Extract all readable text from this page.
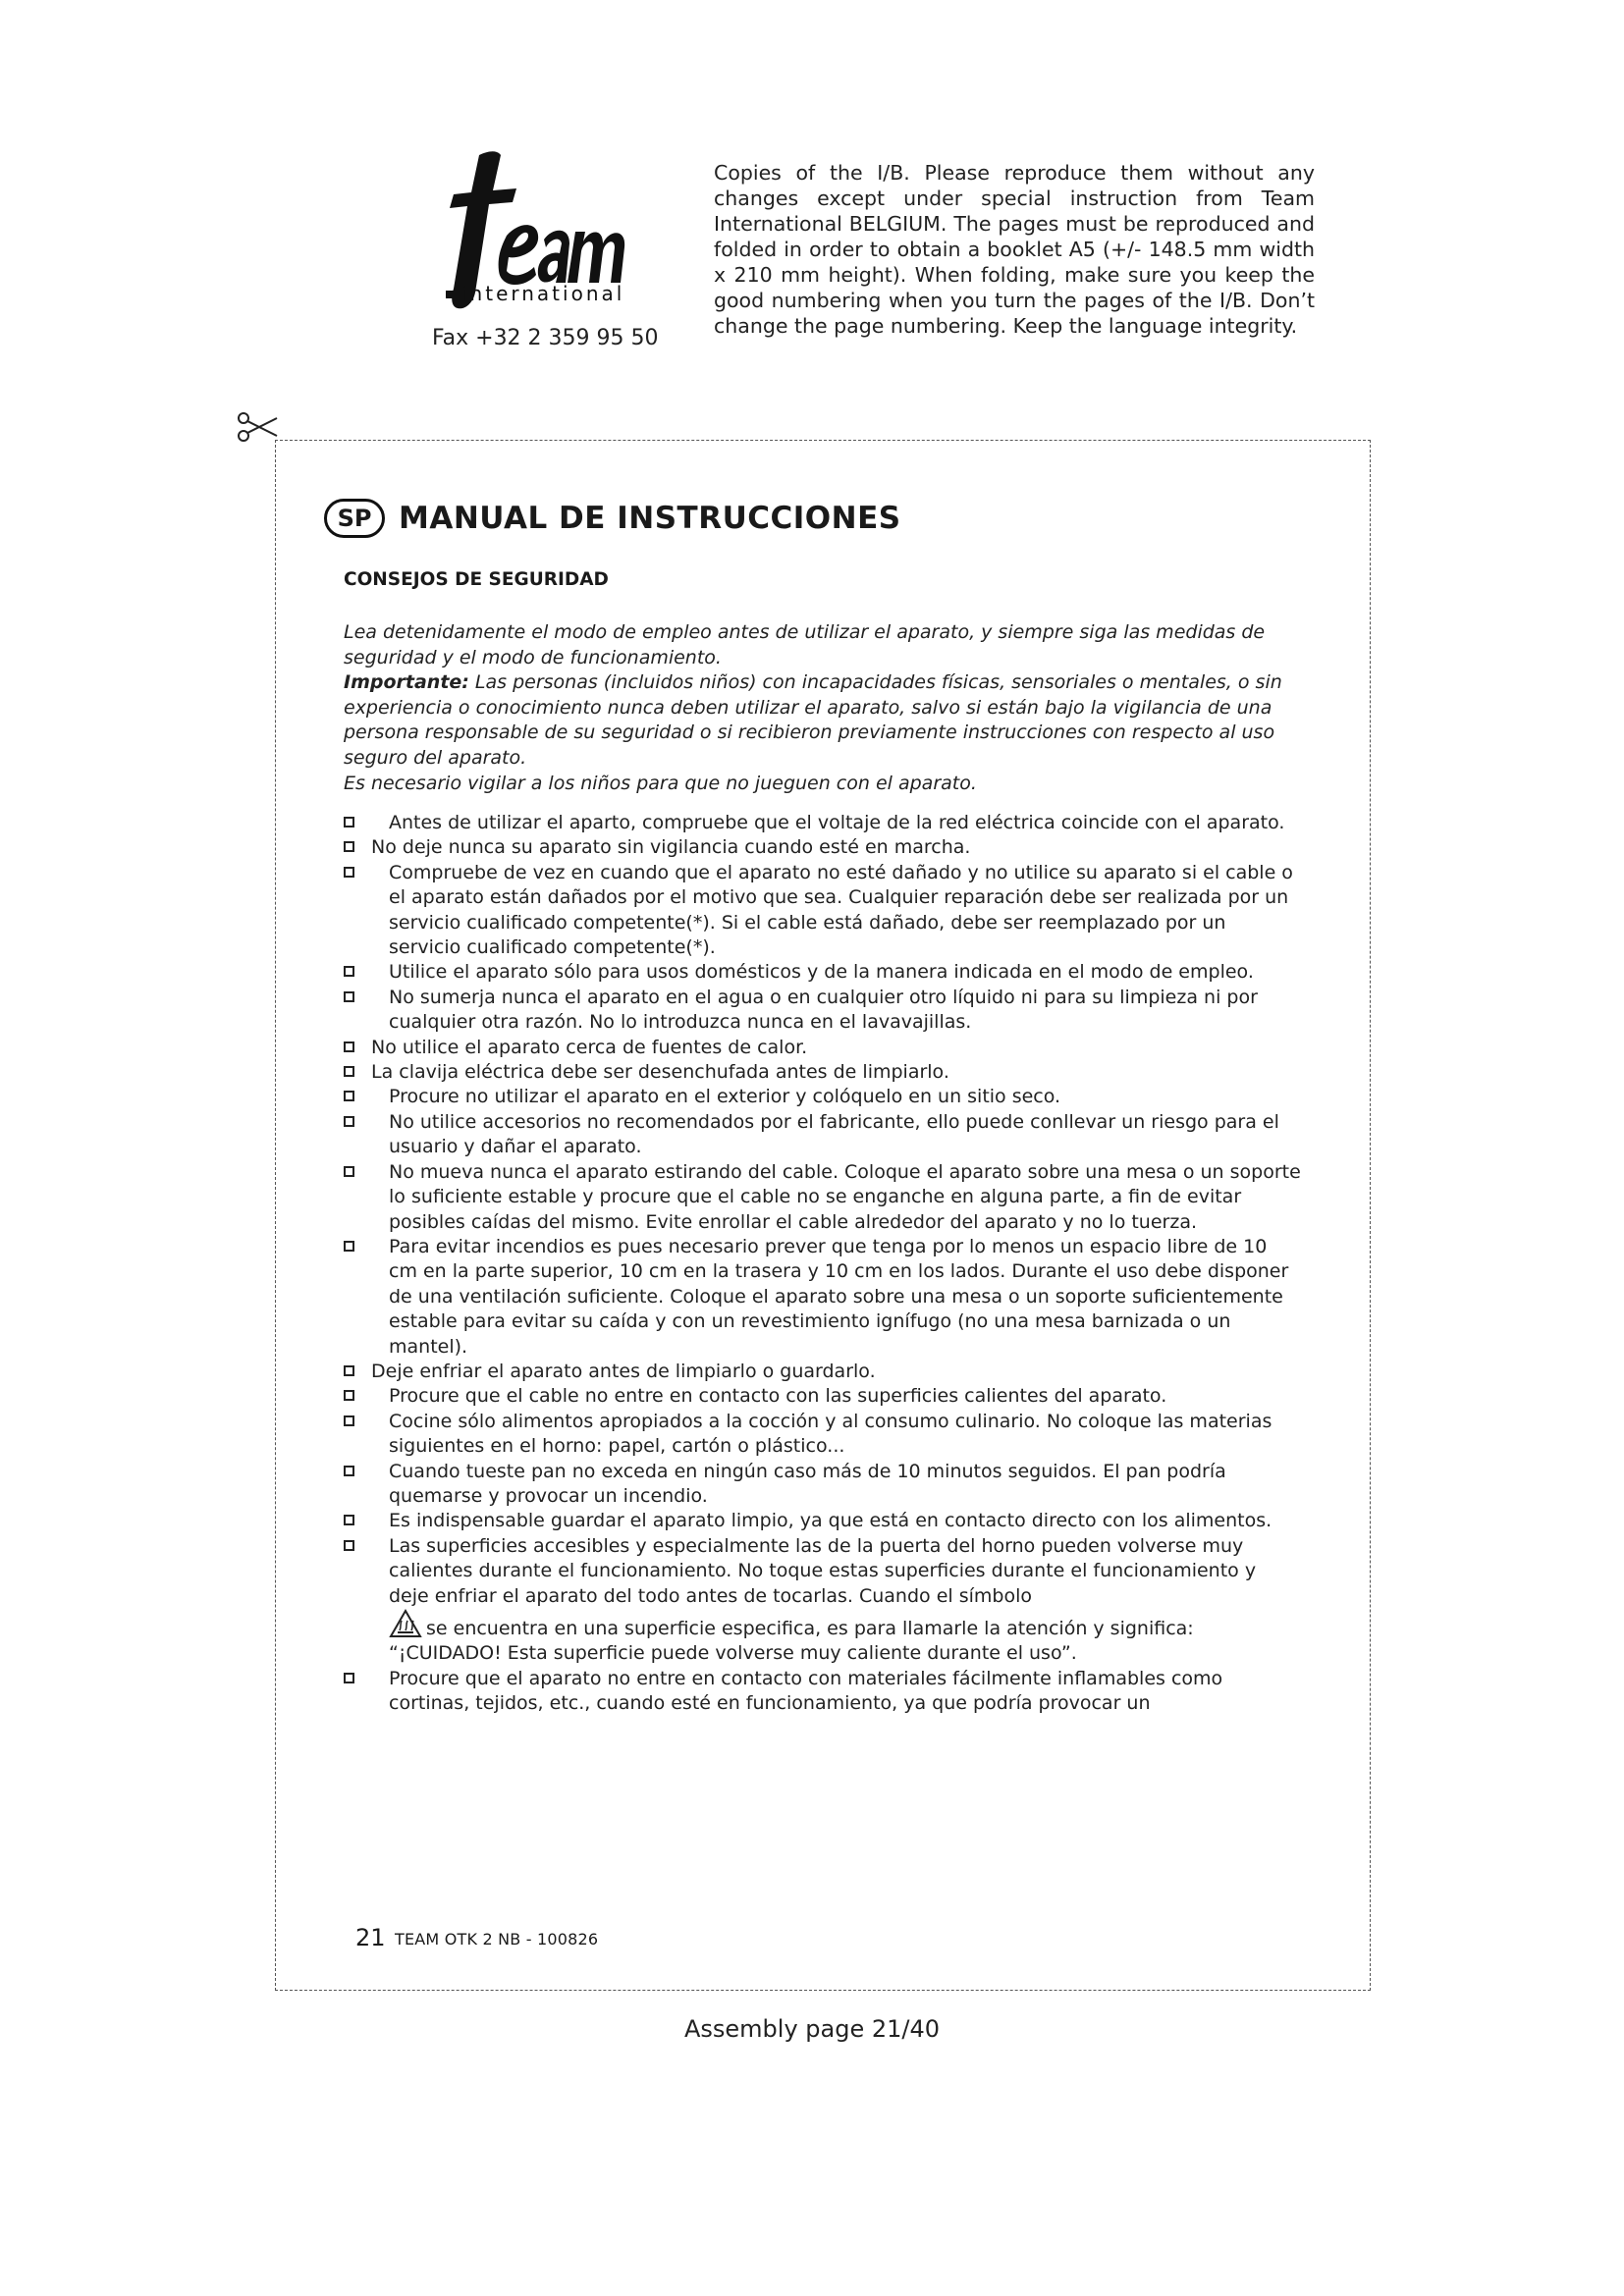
international
Fax +32 2 359 95 50
Copies of the I/B. Please reproduce them without any changes except under special instruction from Team International BELGIUM. The pages must be reproduced and folded in order to obtain a booklet A5 (+/- 148.5 mm width x 210 mm height). When folding, make sure you keep the good numbering when you turn the pages of the I/B. Don’t change the page numbering. Keep the language integrity.
SP MANUAL DE INSTRUCCIONES
CONSEJOS DE SEGURIDAD

Lea detenidamente el modo de empleo antes de utilizar el aparato, y siempre siga las medidas de seguridad y el modo de funcionamiento.

Importante: Las personas (incluidos niños) con incapacidades físicas, sensoriales o mentales, o sin experiencia o conocimiento nunca deben utilizar el aparato, salvo si están bajo la vigilancia de una persona responsable de su seguridad o si recibieron previamente instrucciones con respecto al uso seguro del aparato.

Es necesario vigilar a los niños para que no jueguen con el aparato.

Antes de utilizar el aparto, compruebe que el voltaje de la red eléctrica coincide con el aparato.
No deje nunca su aparato sin vigilancia cuando esté en marcha.
Compruebe de vez en cuando que el aparato no esté dañado y no utilice su aparato si el cable o el aparato están dañados por el motivo que sea. Cualquier reparación debe ser realizada por un servicio cualificado competente(*). Si el cable está dañado, debe ser reemplazado por un servicio cualificado competente(*).
Utilice el aparato sólo para usos domésticos y de la manera indicada en el modo de empleo.
No sumerja nunca el aparato en el agua o en cualquier otro líquido ni para su limpieza ni por cualquier otra razón. No lo introduzca nunca en el lavavajillas.
No utilice el aparato cerca de fuentes de calor.
La clavija eléctrica debe ser desenchufada antes de limpiarlo.
Procure no utilizar el aparato en el exterior y colóquelo en un sitio seco.
No utilice accesorios no recomendados por el fabricante, ello puede conllevar un riesgo para el usuario y dañar el aparato.
No mueva nunca el aparato estirando del cable. Coloque el aparato sobre una mesa o un soporte lo suficiente estable y procure que el cable no se enganche en alguna parte, a fin de evitar posibles caídas del mismo. Evite enrollar el cable alrededor del aparato y no lo tuerza.
Para evitar incendios es pues necesario prever que tenga por lo menos un espacio libre de 10 cm en la parte superior, 10 cm en la trasera y 10 cm en los lados. Durante el uso debe disponer de una ventilación suficiente. Coloque el aparato sobre una mesa o un soporte suficientemente estable para evitar su caída y con un revestimiento ignífugo (no una mesa barnizada o un mantel).
Deje enfriar el aparato antes de limpiarlo o guardarlo.
Procure que el cable no entre en contacto con las superficies calientes del aparato.
Cocine sólo alimentos apropiados a la cocción y al consumo culinario. No coloque las materias siguientes en el horno: papel, cartón o plástico...
Cuando tueste pan no exceda en ningún caso más de 10 minutos seguidos. El pan podría quemarse y provocar un incendio.
Es indispensable guardar el aparato limpio, ya que está en contacto directo con los alimentos.
Las superficies accesibles y especialmente las de la puerta del horno pueden volverse muy calientes durante el funcionamiento. No toque estas superficies durante el funcionamiento y deje enfriar el aparato del todo antes de tocarlas. Cuando el símbolo
se encuentra en una superficie especifica, es para llamarle la atención y significa: “¡CUIDADO! Esta superficie puede volverse muy caliente durante el uso”.
Procure que el aparato no entre en contacto con materiales fácilmente inflamables como cortinas, tejidos, etc., cuando esté en funcionamiento, ya que podría provocar un
21 TEAM OTK 2 NB - 100826
Assembly page 21/40
